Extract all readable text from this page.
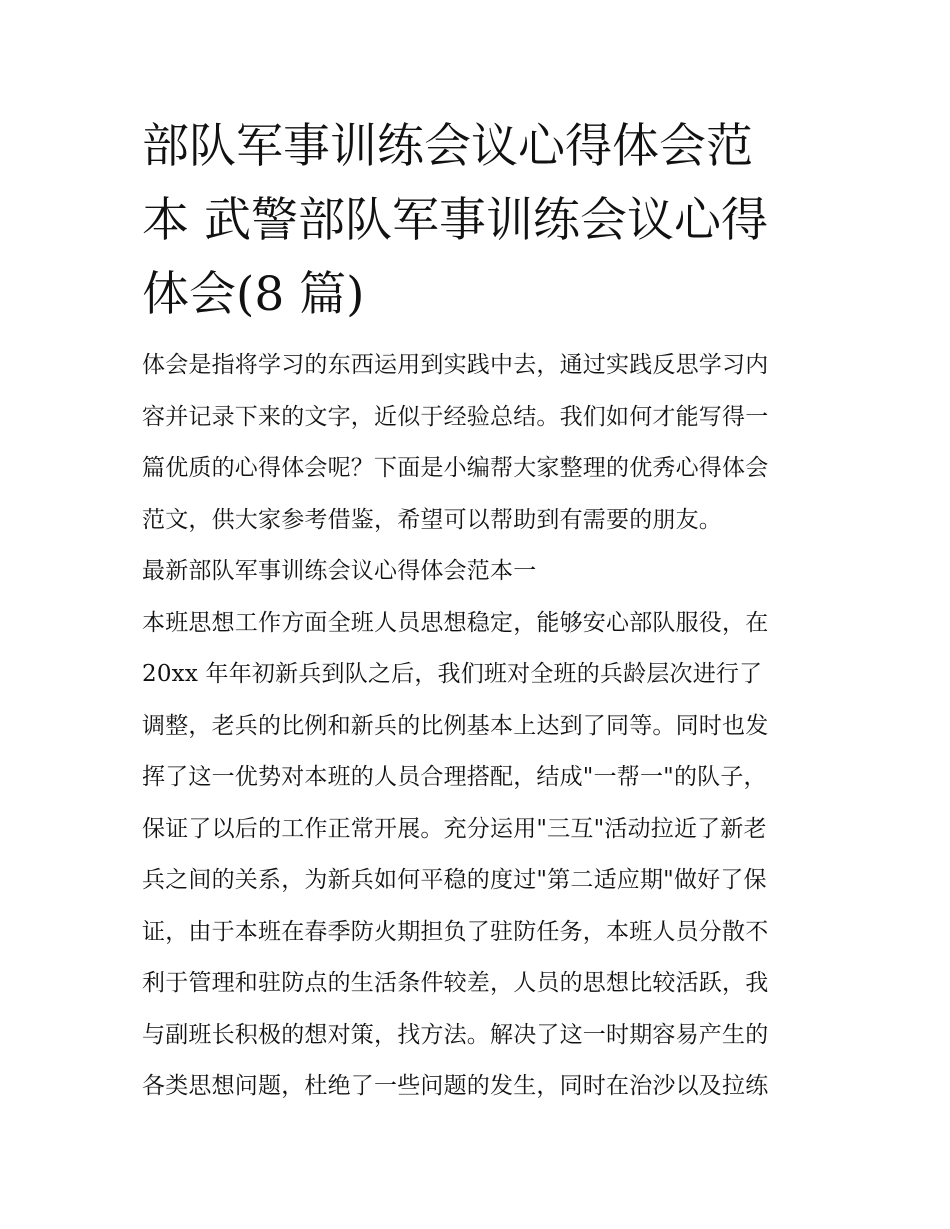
部队军事训练会议心得体会范
本 武警部队军事训练会议心得
体会(8 篇)
体会是指将学习的东西运用到实践中去，通过实践反思学习内
容并记录下来的文字，近似于经验总结。我们如何才能写得一
篇优质的心得体会呢？下面是小编帮大家整理的优秀心得体会
范文，供大家参考借鉴，希望可以帮助到有需要的朋友。
最新部队军事训练会议心得体会范本一
本班思想工作方面全班人员思想稳定，能够安心部队服役，在
20xx 年年初新兵到队之后，我们班对全班的兵龄层次进行了
调整，老兵的比例和新兵的比例基本上达到了同等。同时也发
挥了这一优势对本班的人员合理搭配，结成"一帮一"的队子，
保证了以后的工作正常开展。充分运用"三互"活动拉近了新老
兵之间的关系，为新兵如何平稳的度过"第二适应期"做好了保
证，由于本班在春季防火期担负了驻防任务，本班人员分散不
利于管理和驻防点的生活条件较差，人员的思想比较活跃，我
与副班长积极的想对策，找方法。解决了这一时期容易产生的
各类思想问题，杜绝了一些问题的发生，同时在治沙以及拉练
